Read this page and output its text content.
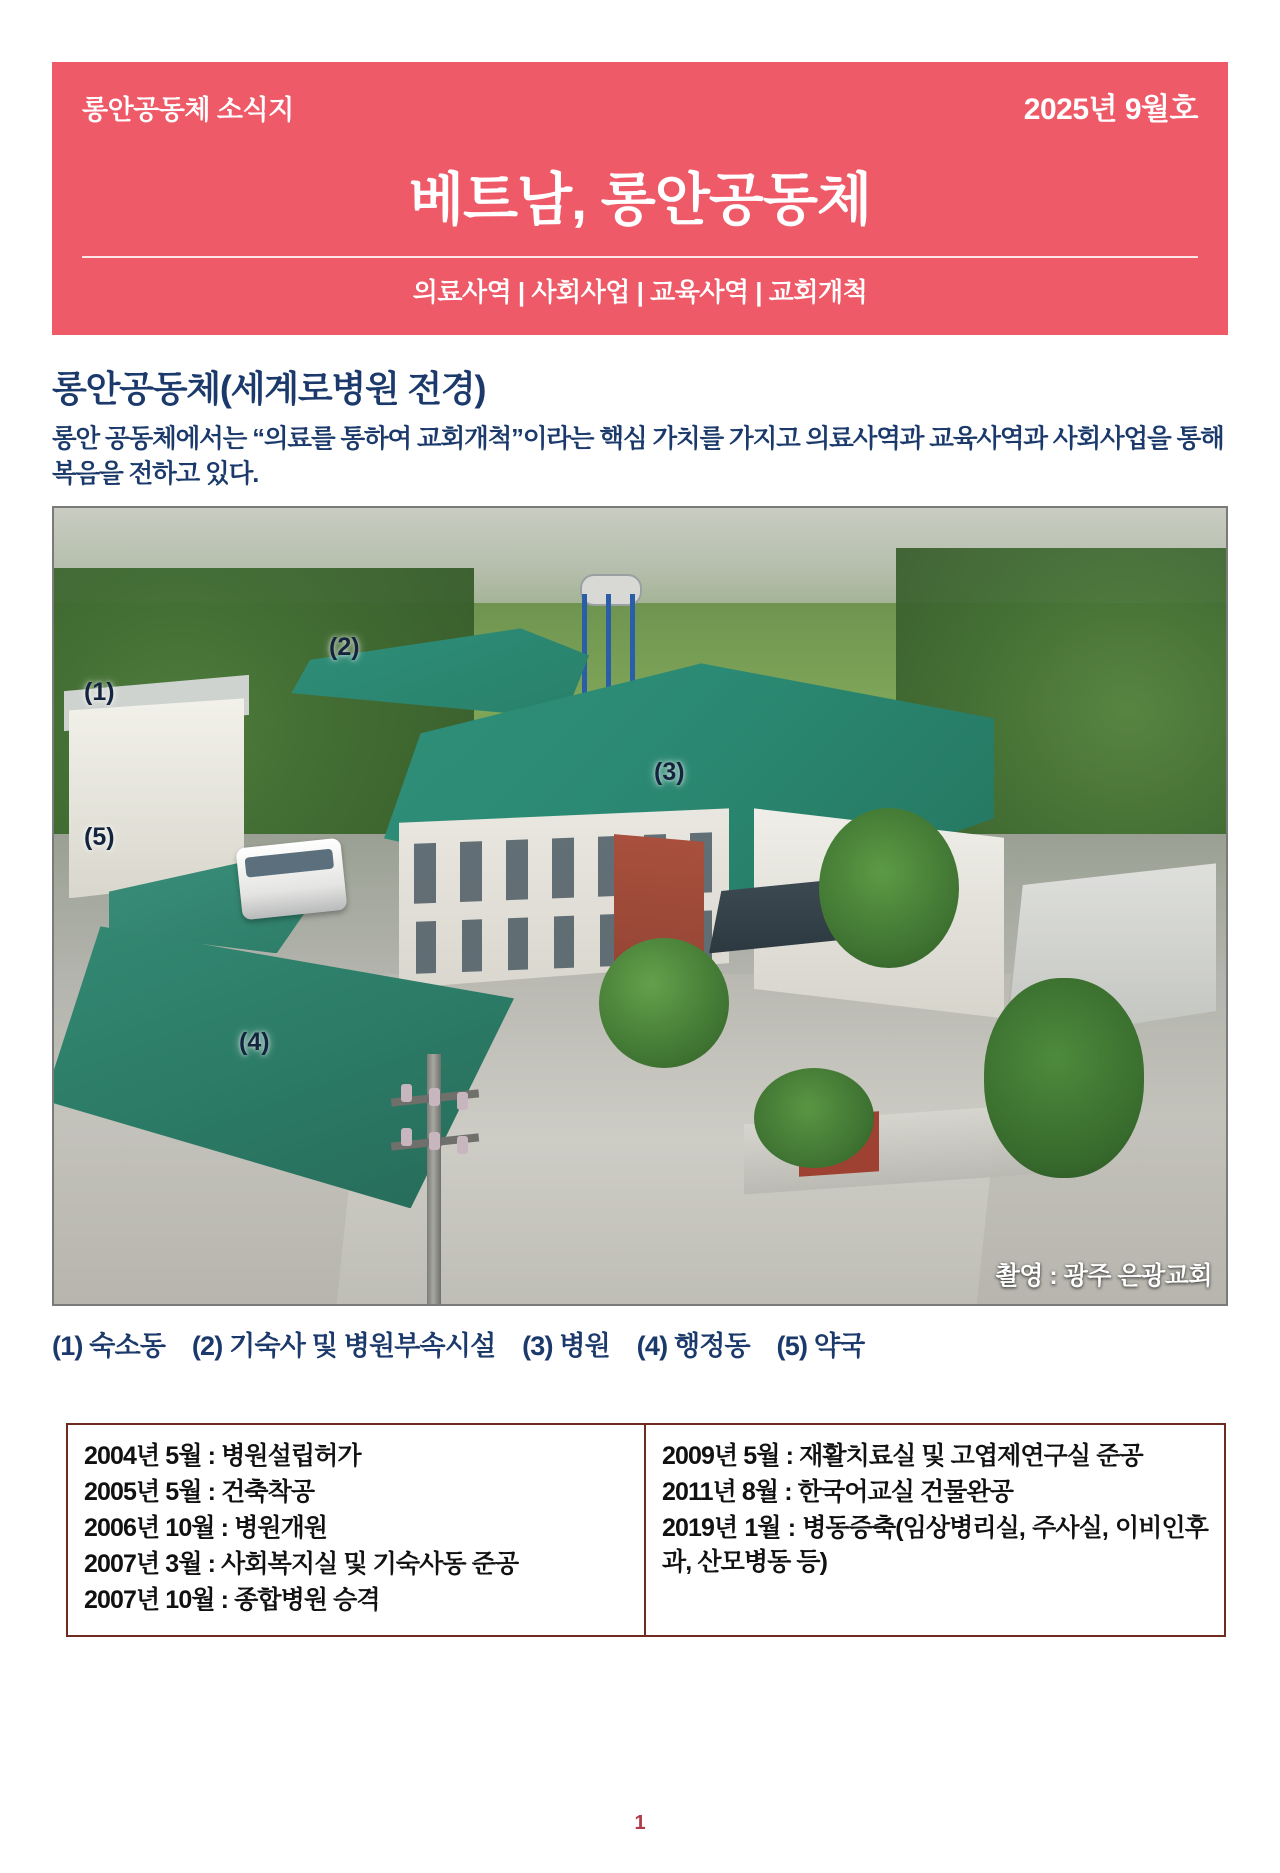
롱안공동체 소식지	2025년 9월호
베트남, 롱안공동체
의료사역 | 사회사업 | 교육사역 | 교회개척
롱안공동체(세계로병원 전경)
롱안 공동체에서는 “의료를 통하여 교회개척”이라는 핵심 가치를 가지고 의료사역과 교육사역과 사회사업을 통해 복음을 전하고 있다.
(1)
(2)
(3)
(4)
(5)
촬영 : 광주 은광교회
(1) 숙소동 (2) 기숙사 및 병원부속시설 (3) 병원 (4) 행정동 (5) 약국
2004년 5월 : 병원설립허가
2005년 5월 : 건축착공
2006년 10월 : 병원개원
2007년 3월 : 사회복지실 및 기숙사동 준공
2007년 10월 : 종합병원 승격
2009년 5월 : 재활치료실 및 고엽제연구실 준공
2011년 8월 : 한국어교실 건물완공
2019년 1월 : 병동증축(임상병리실, 주사실, 이비인후과, 산모병동 등)
1
